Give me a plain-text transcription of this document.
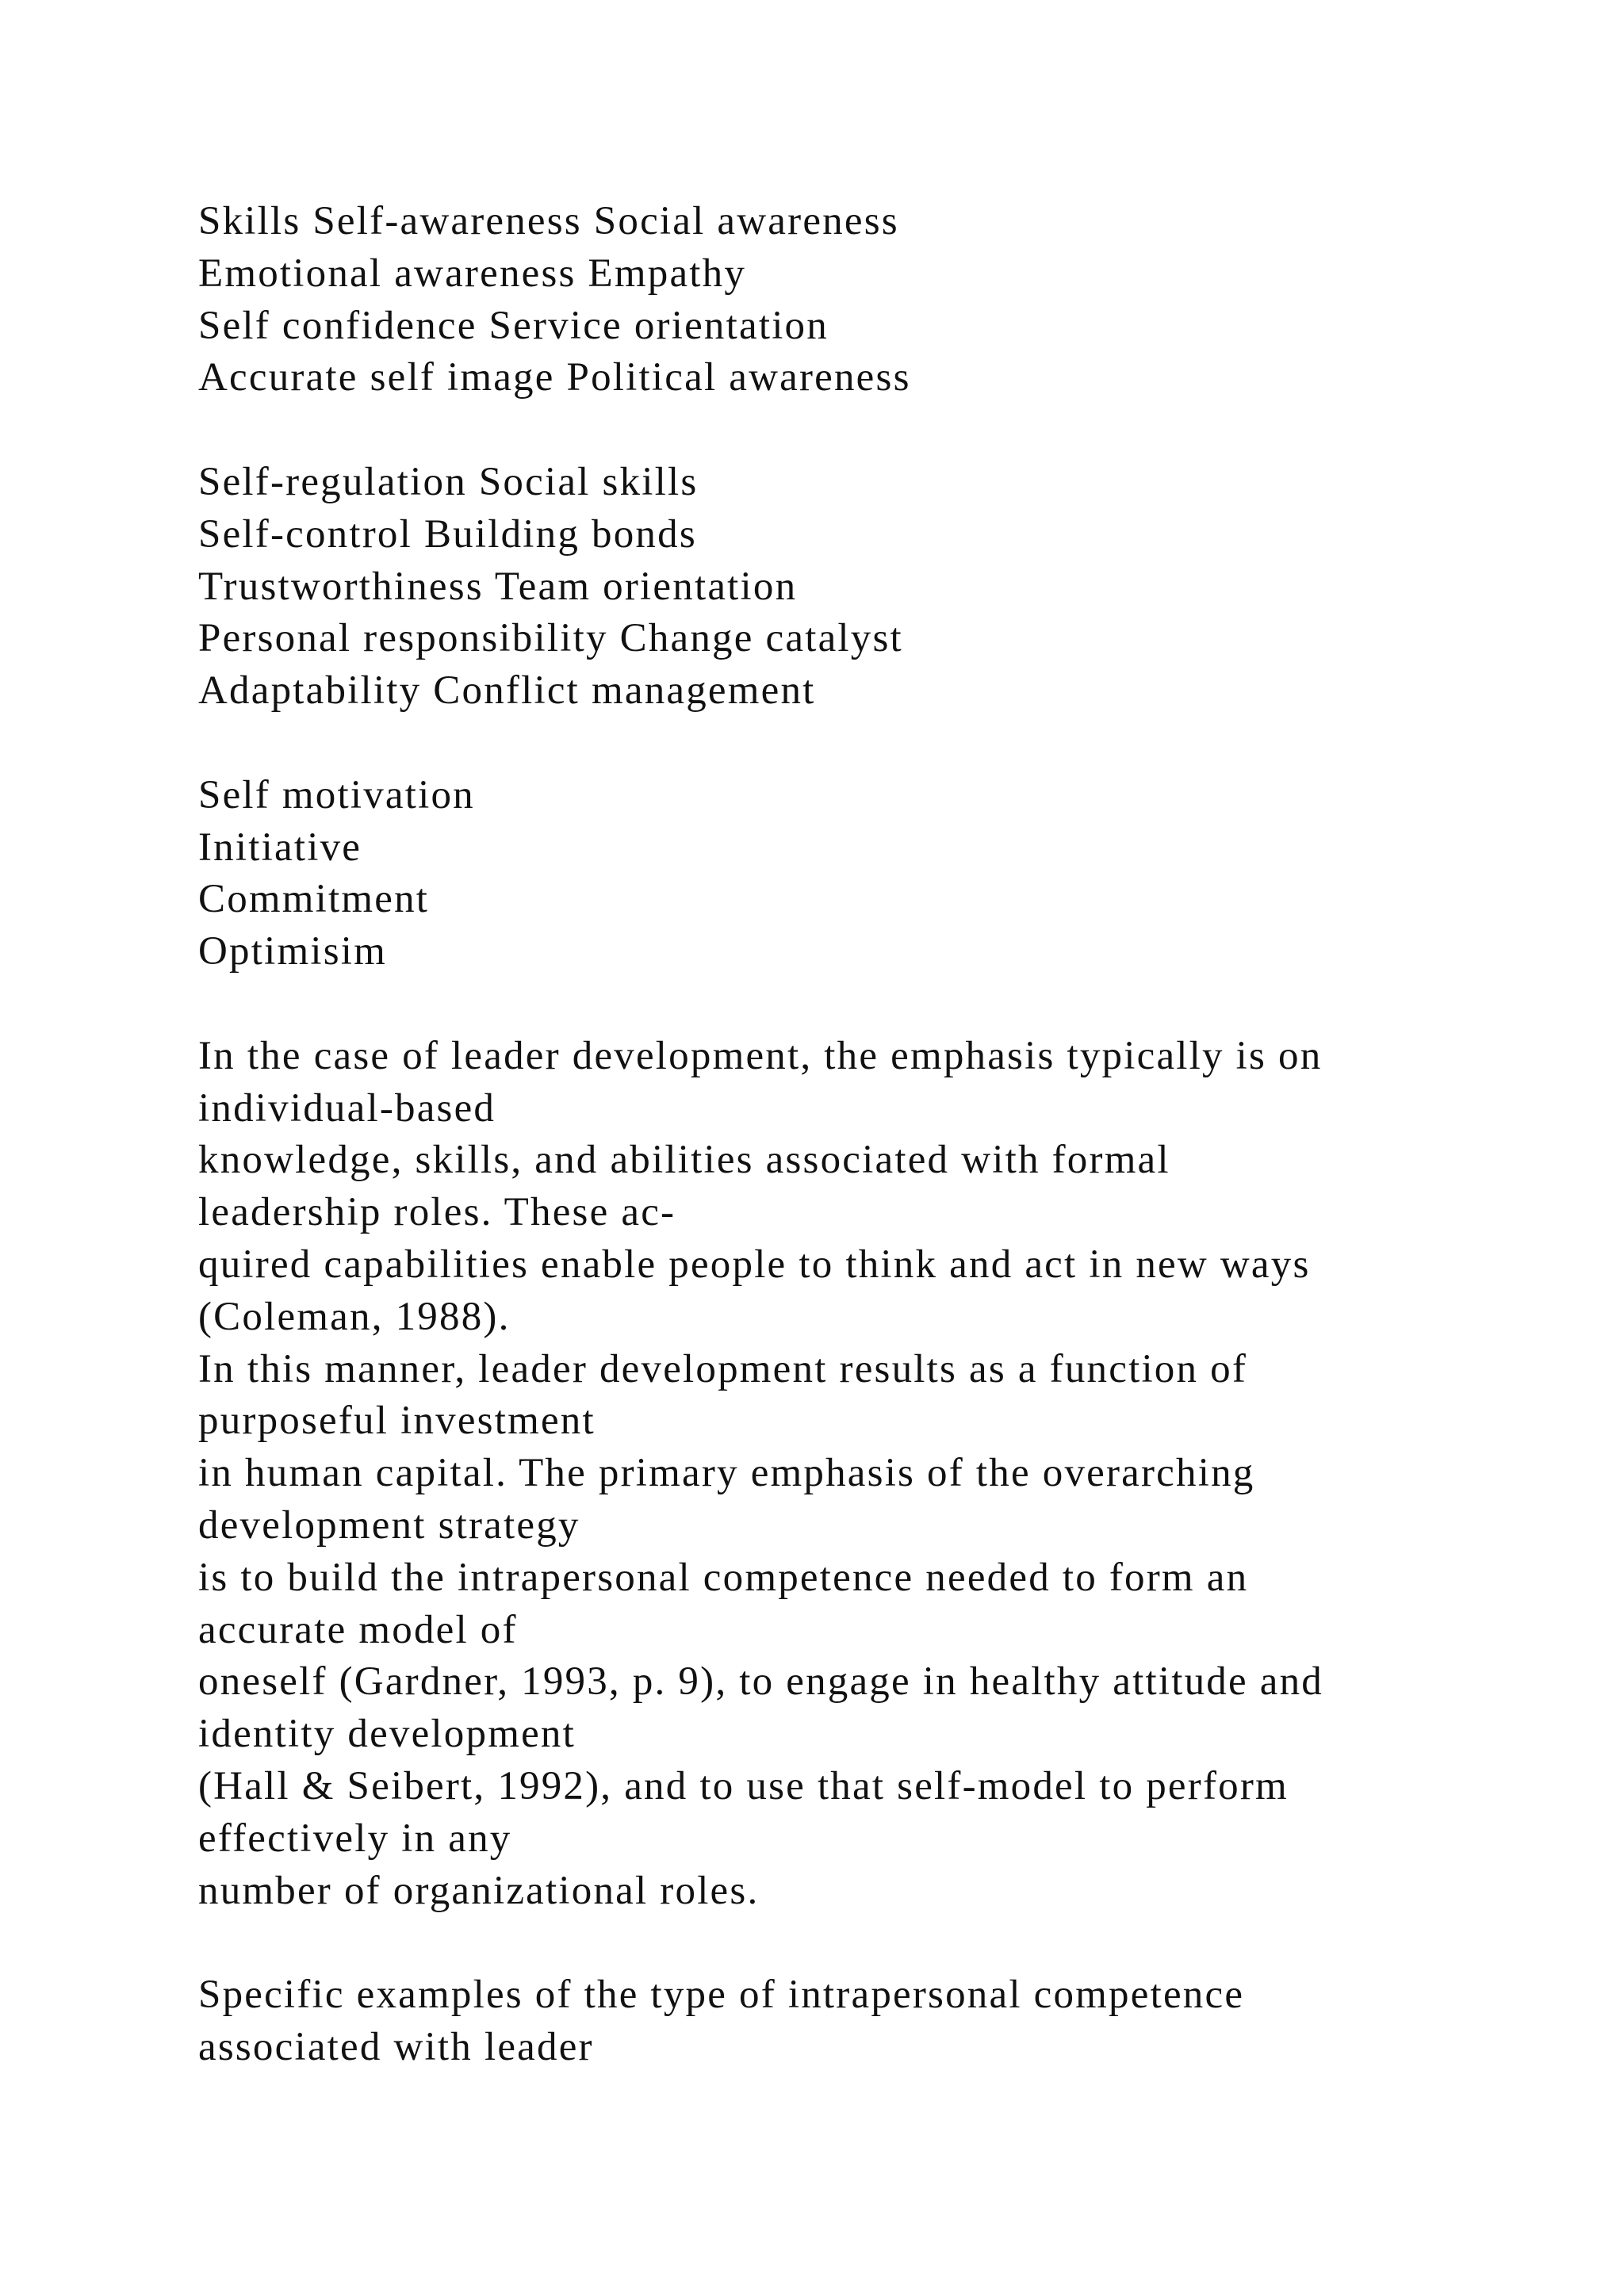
Skills Self-awareness Social awareness
Emotional awareness Empathy
Self confidence Service orientation
Accurate self image Political awareness
Self-regulation Social skills
Self-control Building bonds
Trustworthiness Team orientation
Personal responsibility Change catalyst
Adaptability Conflict management
Self motivation
Initiative
Commitment
Optimisim
In the case of leader development, the emphasis typically is on
individual-based
knowledge, skills, and abilities associated with formal
leadership roles. These ac-
quired capabilities enable people to think and act in new ways
(Coleman, 1988).
In this manner, leader development results as a function of
purposeful investment
in human capital. The primary emphasis of the overarching
development strategy
is to build the intrapersonal competence needed to form an
accurate model of
oneself (Gardner, 1993, p. 9), to engage in healthy attitude and
identity development
(Hall & Seibert, 1992), and to use that self-model to perform
effectively in any
number of organizational roles.
Specific examples of the type of intrapersonal competence
associated with leader
